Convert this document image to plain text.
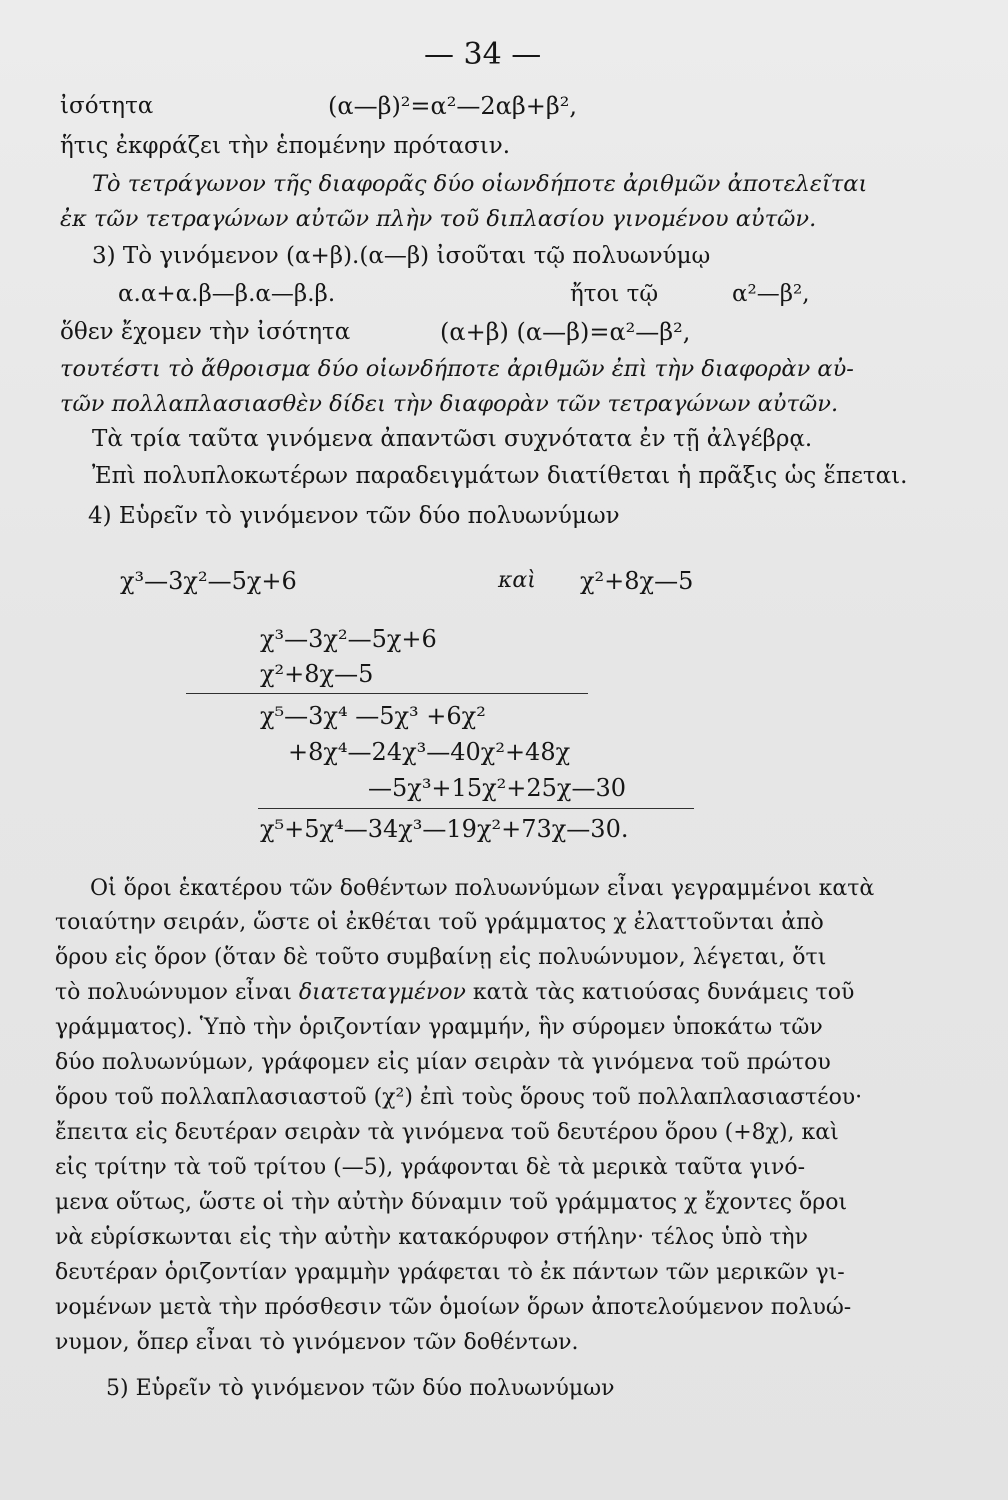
— 34 —
ἰσότητα	(α—β)²=α²—2αβ+β²,
ἥτις ἐκφράζει τὴν ἑπομένην πρότασιν.
Τὸ τετράγωνον τῆς διαφορᾶς δύο οἱωνδήποτε ἀριθμῶν ἀποτελεῖται
ἐκ τῶν τετραγώνων αὐτῶν πλὴν τοῦ διπλασίου γινομένου αὐτῶν.
3) Τὸ γινόμενον (α+β).(α—β) ἰσοῦται τῷ πολυωνύμῳ
α.α+α.β—β.α—β.β.	ἤτοι τῷ	α²—β²,
ὅθεν ἔχομεν τὴν ἰσότητα	(α+β) (α—β)=α²—β²,
τουτέστι τὸ ἄθροισμα δύο οἱωνδήποτε ἀριθμῶν ἐπὶ τὴν διαφορὰν αὐ-
τῶν πολλαπλασιασθὲν δίδει τὴν διαφορὰν τῶν τετραγώνων αὐτῶν.
Τὰ τρία ταῦτα γινόμενα ἀπαντῶσι συχνότατα ἐν τῇ ἀλγέβρᾳ.
Ἐπὶ πολυπλοκωτέρων παραδειγμάτων διατίθεται ἡ πρᾶξις ὡς ἕπεται.
4) Εὑρεῖν τὸ γινόμενον τῶν δύο πολυωνύμων
χ³—3χ²—5χ+6	καὶ χ²+8χ—5
χ³—3χ²—5χ+6
χ²+8χ—5
χ⁵—3χ⁴ —5χ³ +6χ²
+8χ⁴—24χ³—40χ²+48χ
—5χ³+15χ²+25χ—30
χ⁵+5χ⁴—34χ³—19χ²+73χ—30.
Οἱ ὅροι ἑκατέρου τῶν δοθέντων πολυωνύμων εἶναι γεγραμμένοι κατὰ
τοιαύτην σειράν, ὥστε οἱ ἐκθέται τοῦ γράμματος χ ἐλαττοῦνται ἀπὸ
ὅρου εἰς ὅρον (ὅταν δὲ τοῦτο συμβαίνῃ εἰς πολυώνυμον, λέγεται, ὅτι
τὸ πολυώνυμον εἶναι διατεταγμένον κατὰ τὰς κατιούσας δυνάμεις τοῦ
γράμματος). Ὑπὸ τὴν ὁριζοντίαν γραμμήν, ἣν σύρομεν ὑποκάτω τῶν
δύο πολυωνύμων, γράφομεν εἰς μίαν σειρὰν τὰ γινόμενα τοῦ πρώτου
ὅρου τοῦ πολλαπλασιαστοῦ (χ²) ἐπὶ τοὺς ὅρους τοῦ πολλαπλασιαστέου·
ἔπειτα εἰς δευτέραν σειρὰν τὰ γινόμενα τοῦ δευτέρου ὅρου (+8χ), καὶ
εἰς τρίτην τὰ τοῦ τρίτου (—5), γράφονται δὲ τὰ μερικὰ ταῦτα γινό-
μενα οὕτως, ὥστε οἱ τὴν αὐτὴν δύναμιν τοῦ γράμματος χ ἔχοντες ὅροι
νὰ εὑρίσκωνται εἰς τὴν αὐτὴν κατακόρυφον στήλην· τέλος ὑπὸ τὴν
δευτέραν ὁριζοντίαν γραμμὴν γράφεται τὸ ἐκ πάντων τῶν μερικῶν γι-
νομένων μετὰ τὴν πρόσθεσιν τῶν ὁμοίων ὅρων ἀποτελούμενον πολυώ-
νυμον, ὅπερ εἶναι τὸ γινόμενον τῶν δοθέντων.
5) Εὑρεῖν τὸ γινόμενον τῶν δύο πολυωνύμων
